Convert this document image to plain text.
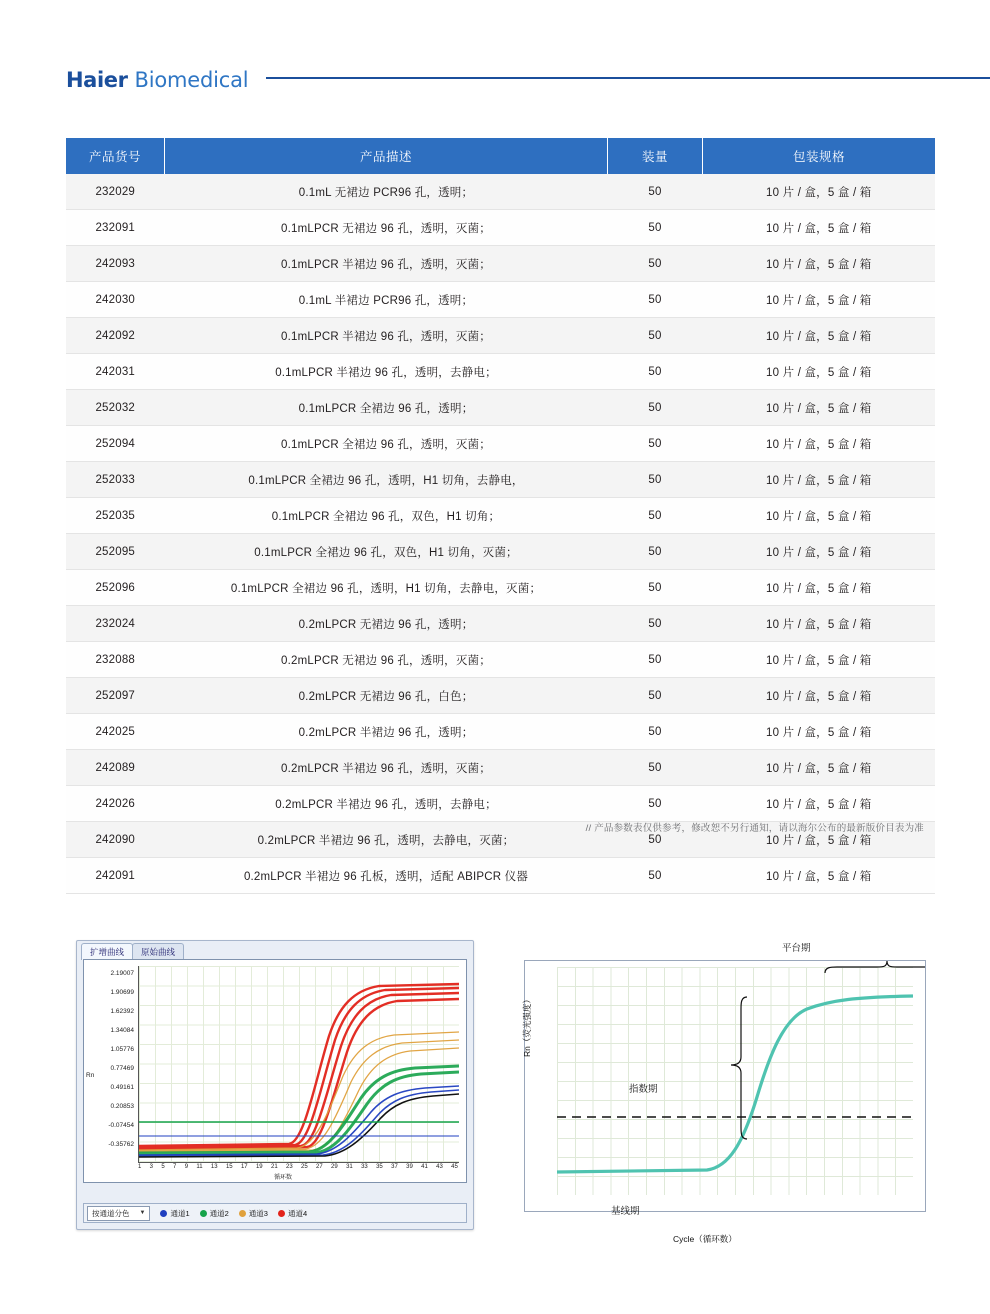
Haier Biomedical
产品货号	产品描述	装量	包装规格
232029	0.1mL 无裙边 PCR96 孔，透明；	50	10 片 / 盒，5 盒 / 箱
232091	0.1mLPCR 无裙边 96 孔，透明，灭菌；	50	10 片 / 盒，5 盒 / 箱
242093	0.1mLPCR 半裙边 96 孔，透明，灭菌；	50	10 片 / 盒，5 盒 / 箱
242030	0.1mL 半裙边 PCR96 孔，透明；	50	10 片 / 盒，5 盒 / 箱
242092	0.1mLPCR 半裙边 96 孔，透明，灭菌；	50	10 片 / 盒，5 盒 / 箱
242031	0.1mLPCR 半裙边 96 孔，透明，去静电；	50	10 片 / 盒，5 盒 / 箱
252032	0.1mLPCR 全裙边 96 孔，透明；	50	10 片 / 盒，5 盒 / 箱
252094	0.1mLPCR 全裙边 96 孔，透明，灭菌；	50	10 片 / 盒，5 盒 / 箱
252033	0.1mLPCR 全裙边 96 孔，透明，H1 切角，去静电，	50	10 片 / 盒，5 盒 / 箱
252035	0.1mLPCR 全裙边 96 孔，双色，H1 切角；	50	10 片 / 盒，5 盒 / 箱
252095	0.1mLPCR 全裙边 96 孔，双色，H1 切角，灭菌；	50	10 片 / 盒，5 盒 / 箱
252096	0.1mLPCR 全裙边 96 孔，透明，H1 切角，去静电，灭菌；	50	10 片 / 盒，5 盒 / 箱
232024	0.2mLPCR 无裙边 96 孔，透明；	50	10 片 / 盒，5 盒 / 箱
232088	0.2mLPCR 无裙边 96 孔，透明，灭菌；	50	10 片 / 盒，5 盒 / 箱
252097	0.2mLPCR 无裙边 96 孔，白色；	50	10 片 / 盒，5 盒 / 箱
242025	0.2mLPCR 半裙边 96 孔，透明；	50	10 片 / 盒，5 盒 / 箱
242089	0.2mLPCR 半裙边 96 孔，透明，灭菌；	50	10 片 / 盒，5 盒 / 箱
242026	0.2mLPCR 半裙边 96 孔，透明，去静电；	50	10 片 / 盒，5 盒 / 箱
242090	0.2mLPCR 半裙边 96 孔，透明，去静电，灭菌；	50	10 片 / 盒，5 盒 / 箱
242091	0.2mLPCR 半裙边 96 孔板，透明，适配 ABIPCR 仪器	50	10 片 / 盒，5 盒 / 箱
// 产品参数表仅供参考，修改恕不另行通知，请以海尔公布的最新版价目表为准
扩增曲线	原始曲线
Rn
2.19007
1.90699
1.62392
1.34084
1.05776
0.77469
0.49161
0.20853
-0.07454
-0.35762
1 3 5 7 9 11 13 15 17 19 21 23 25 27 29 31 33 35 37 39 41 43 45
循环数
按通道分色 ▼	通道1	通道2	通道3	通道4
平台期
Rn（荧光强度）
指数期
基线期
Cycle（循环数）
